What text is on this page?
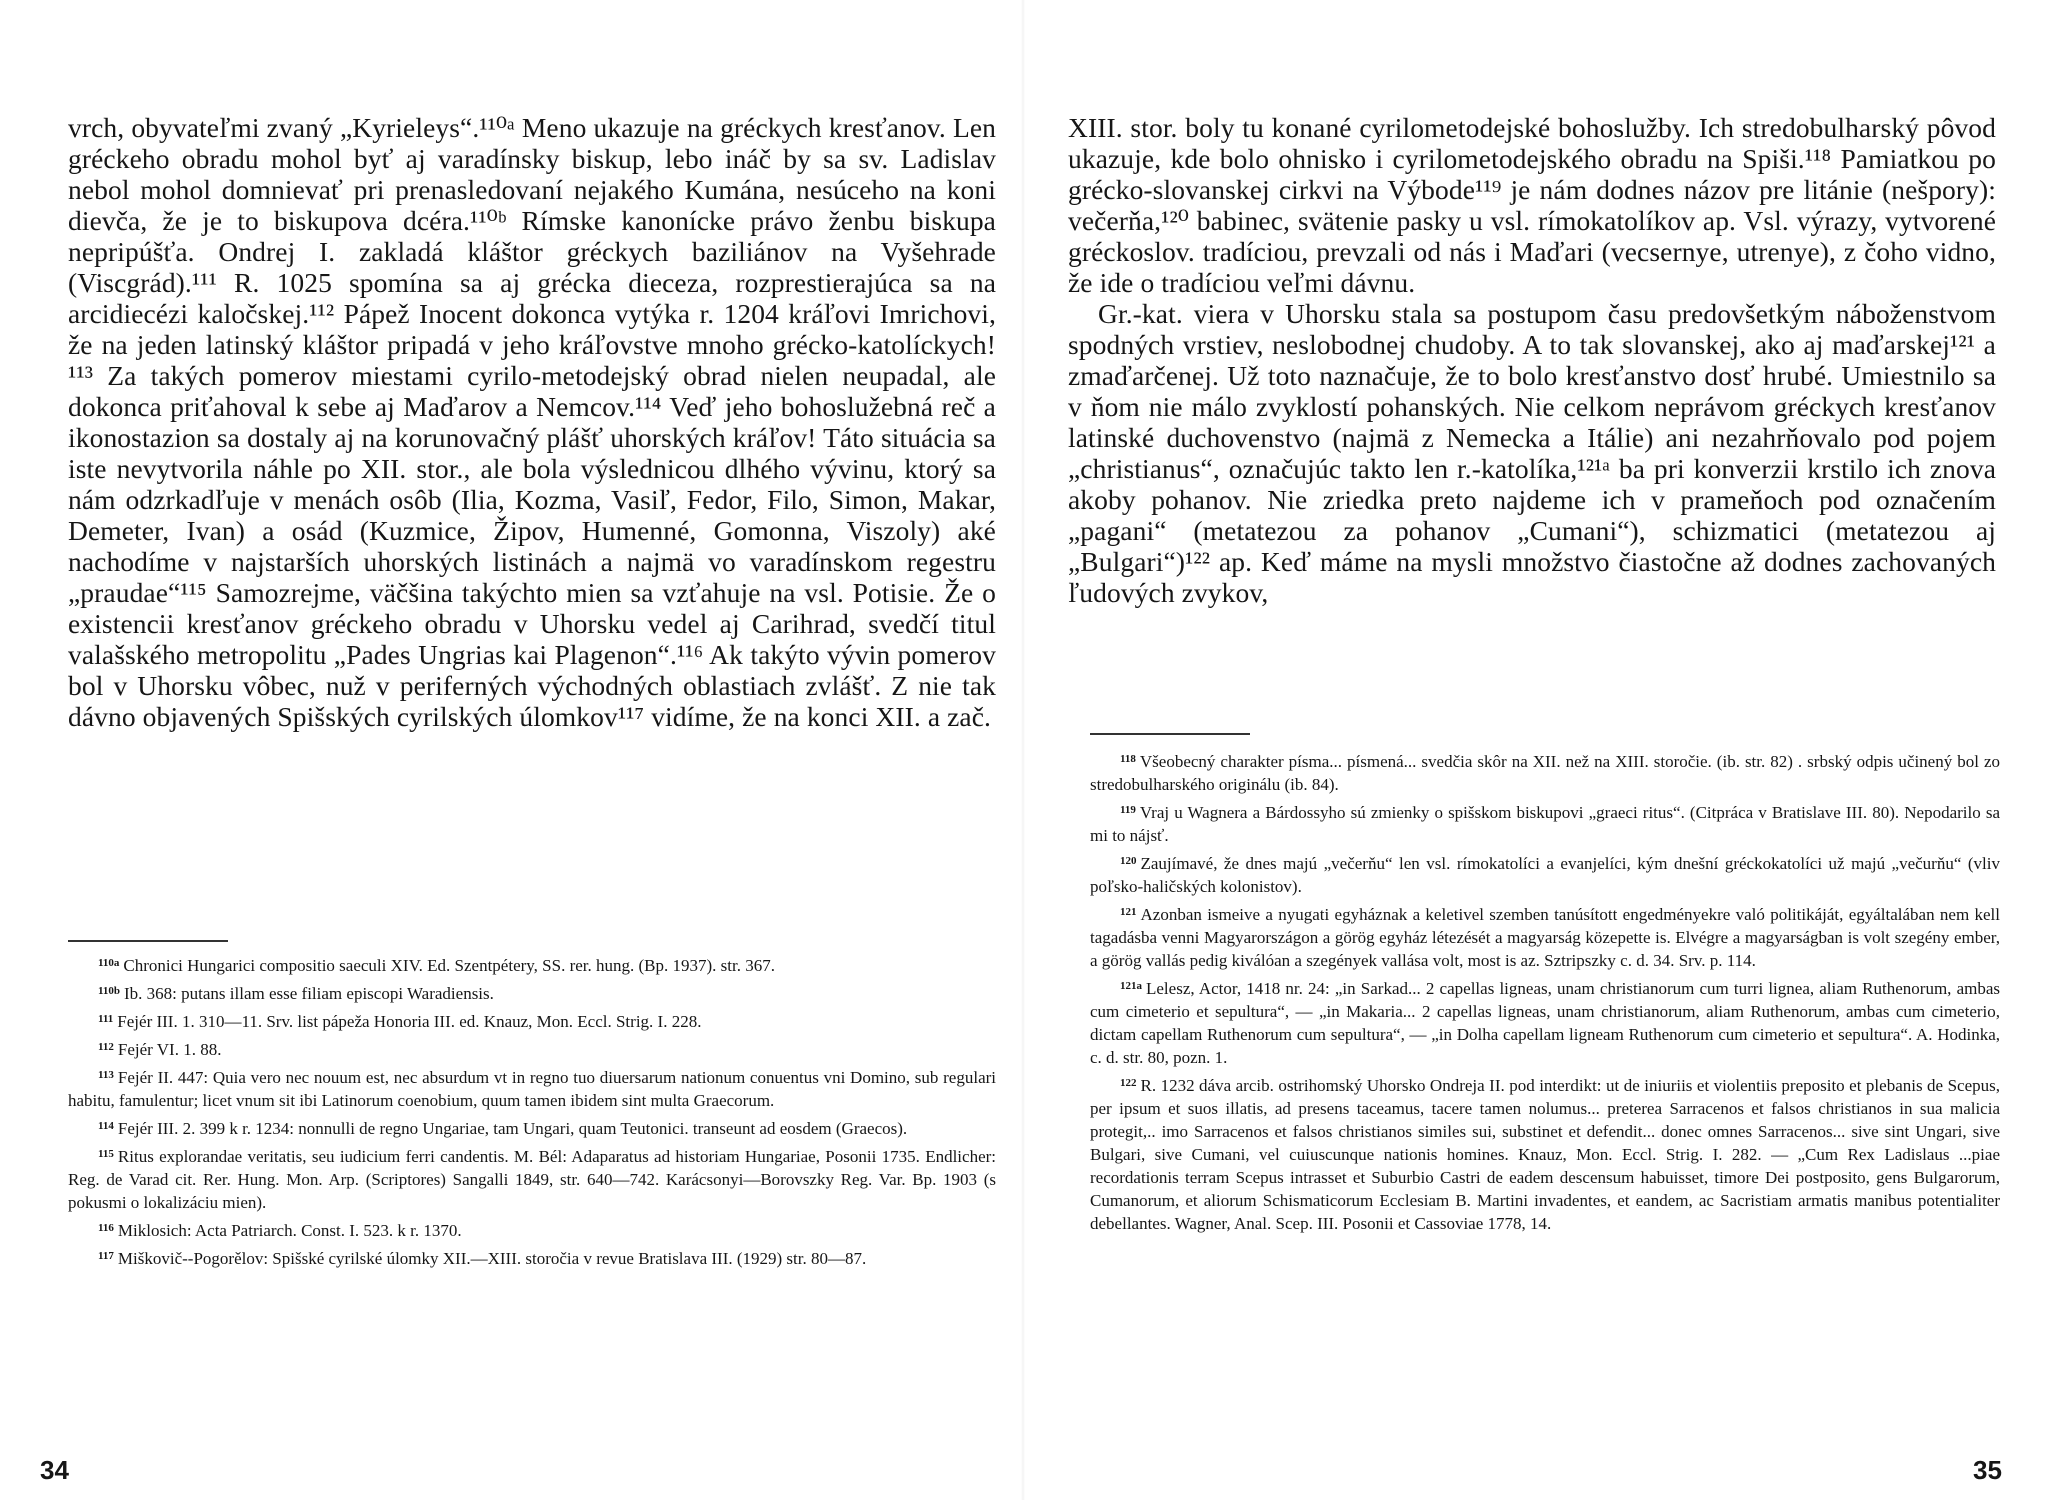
vrch, obyvateľmi zvaný „Kyrieleys“.¹¹⁰ᵃ Meno ukazuje na gréckych kresťanov. Len gréckeho obradu mohol byť aj varadínsky biskup, lebo ináč by sa sv. Ladislav nebol mohol domnievať pri prenasledovaní nejakého Kumána, nesúceho na koni dievča, že je to biskupova dcéra.¹¹⁰ᵇ Rímske kanonícke právo ženbu biskupa nepripúšťa. Ondrej I. zakladá kláštor gréckych baziliánov na Vyšehrade (Viscgrád).¹¹¹ R. 1025 spomína sa aj grécka dieceza, rozprestierajúca sa na arcidiecézi kaločskej.¹¹² Pápež Inocent dokonca vytýka r. 1204 kráľovi Imrichovi, že na jeden latinský kláštor pripadá v jeho kráľovstve mnoho grécko-katolíckych!¹¹³ Za takých pomerov miestami cyrilo-metodejský obrad nielen neupadal, ale dokonca priťahoval k sebe aj Maďarov a Nemcov.¹¹⁴ Veď jeho bohoslužebná reč a ikonostazion sa dostaly aj na korunovačný plášť uhorských kráľov! Táto situácia sa iste nevytvorila náhle po XII. stor., ale bola výslednicou dlhého vývinu, ktorý sa nám odzrkadľuje v menách osôb (Ilia, Kozma, Vasiľ, Fedor, Filo, Simon, Makar, Demeter, Ivan) a osád (Kuzmice, Žipov, Humenné, Gomonna, Viszoly) aké nachodíme v najstarších uhorských listinách a najmä vo varadínskom regestru „praudae“¹¹⁵ Samozrejme, väčšina takýchto mien sa vzťahuje na vsl. Potisie. Že o existencii kresťanov gréckeho obradu v Uhorsku vedel aj Carihrad, svedčí titul valašského metropolitu „Pades Ungrias kai Plagenon“.¹¹⁶ Ak takýto vývin pomerov bol v Uhorsku vôbec, nuž v periferných východných oblastiach zvlášť. Z nie tak dávno objavených Spišských cyrilských úlomkov¹¹⁷ vidíme, že na konci XII. a zač.

$^{110a}$ Chronici Hungarici compositio saeculi XIV. Ed. Szentpétery, SS. rer. hung. (Bp. 1937). str. 367.

$^{110b}$ Ib. 368: putans illam esse filiam episcopi Waradiensis.

$^{111}$ Fejér III. 1. 310—11. Srv. list pápeža Honoria III. ed. Knauz, Mon. Eccl. Strig. I. 228.

$^{112}$ Fejér VI. 1. 88.

$^{113}$ Fejér II. 447: Quia vero nec nouum est, nec absurdum vt in regno tuo diuersarum nationum conuentus vni Domino, sub regulari habitu, famulentur; licet vnum sit ibi Latinorum coenobium, quum tamen ibidem sint multa Graecorum.

$^{114}$ Fejér III. 2. 399 k r. 1234: nonnulli de regno Ungariae, tam Ungari, quam Teutonici. transeunt ad eosdem (Graecos).

$^{115}$ Ritus explorandae veritatis, seu iudicium ferri candentis. M. Bél: Adaparatus ad historiam Hungariae, Posonii 1735. Endlicher: Reg. de Varad cit. Rer. Hung. Mon. Arp. (Scriptores) Sangalli 1849, str. 640—742. Karácsonyi—Borovszky Reg. Var. Bp. 1903 (s pokusmi o lokalizáciu mien).

$^{116}$ Miklosich: Acta Patriarch. Const. I. 523. k r. 1370.

$^{117}$ Miškovič--Pogorělov: Spišské cyrilské úlomky XII.—XIII. storočia v revue Bratislava III. (1929) str. 80—87.

34

XIII. stor. boly tu konané cyrilometodejské bohoslužby. Ich stredobulharský pôvod ukazuje, kde bolo ohnisko i cyrilometodejského obradu na Spiši.¹¹⁸ Pamiatkou po grécko-slovanskej cirkvi na Výbode¹¹⁹ je nám dodnes názov pre litánie (nešpory): večerňa,¹²⁰ babinec, svätenie pasky u vsl. rímokatolíkov ap. Vsl. výrazy, vytvorené gréckoslov. tradíciou, prevzali od nás i Maďari (vecsernye, utrenye), z čoho vidno, že ide o tradíciou veľmi dávnu.

Gr.-kat. viera v Uhorsku stala sa postupom času predovšetkým náboženstvom spodných vrstiev, neslobodnej chudoby. A to tak slovanskej, ako aj maďarskej¹²¹ a zmaďarčenej. Už toto naznačuje, že to bolo kresťanstvo dosť hrubé. Umiestnilo sa v ňom nie málo zvyklostí pohanských. Nie celkom neprávom gréckych kresťanov latinské duchovenstvo (najmä z Nemecka a Itálie) ani nezahrňovalo pod pojem „christianus“, označujúc takto len r.-katolíka,¹²¹ᵃ ba pri konverzii krstilo ich znova akoby pohanov. Nie zriedka preto najdeme ich v prameňoch pod označením „pagani“ (metatezou za pohanov „Cumani“), schizmatici (metatezou aj „Bulgari“)¹²² ap. Keď máme na mysli množstvo čiastočne až dodnes zachovaných ľudových zvykov,

$^{118}$ Všeobecný charakter písma... písmená... svedčia skôr na XII. než na XIII. storočie. (ib. str. 82) . srbský odpis učinený bol zo stredobulharského originálu (ib. 84).

$^{119}$ Vraj u Wagnera a Bárdossyho sú zmienky o spišskom biskupovi „graeci ritus“. (Citpráca v Bratislave III. 80). Nepodarilo sa mi to nájsť.

$^{120}$ Zaujímavé, že dnes majú „večerňu“ len vsl. rímokatolíci a evanjelíci, kým dnešní gréckokatolíci už majú „večurňu“ (vliv poľsko-haličských kolonistov).

$^{121}$ Azonban ismeive a nyugati egyháznak a keletivel szemben tanúsított engedményekre való politikáját, egyáltalában nem kell tagadásba venni Magyarországon a görög egyház létezését a magyarság közepette is. Elvégre a magyarságban is volt szegény ember, a görög vallás pedig kiválóan a szegények vallása volt, most is az. Sztripszky c. d. 34. Srv. p. 114.

$^{121a}$ Lelesz, Actor, 1418 nr. 24: „in Sarkad... 2 capellas ligneas, unam christianorum cum turri lignea, aliam Ruthenorum, ambas cum cimeterio et sepultura“, — „in Makaria... 2 capellas ligneas, unam christianorum, aliam Ruthenorum, ambas cum cimeterio, dictam capellam Ruthenorum cum sepultura“, — „in Dolha capellam ligneam Ruthenorum cum cimeterio et sepultura“. A. Hodinka, c. d. str. 80, pozn. 1.

$^{122}$ R. 1232 dáva arcib. ostrihomský Uhorsko Ondreja II. pod interdikt: ut de iniuriis et violentiis preposito et plebanis de Scepus, per ipsum et suos illatis, ad presens taceamus, tacere tamen nolumus... preterea Sarracenos et falsos christianos in sua malicia protegit,.. imo Sarracenos et falsos christianos similes sui, substinet et defendit... donec omnes Sarracenos... sive sint Ungari, sive Bulgari, sive Cumani, vel cuiuscunque nationis homines. Knauz, Mon. Eccl. Strig. I. 282. — „Cum Rex Ladislaus ...piae recordationis terram Scepus intrasset et Suburbio Castri de eadem descensum habuisset, timore Dei postposito, gens Bulgarorum, Cumanorum, et aliorum Schismaticorum Ecclesiam B. Martini invadentes, et eandem, ac Sacristiam armatis manibus potentialiter debellantes. Wagner, Anal. Scep. III. Posonii et Cassoviae 1778, 14.

35
